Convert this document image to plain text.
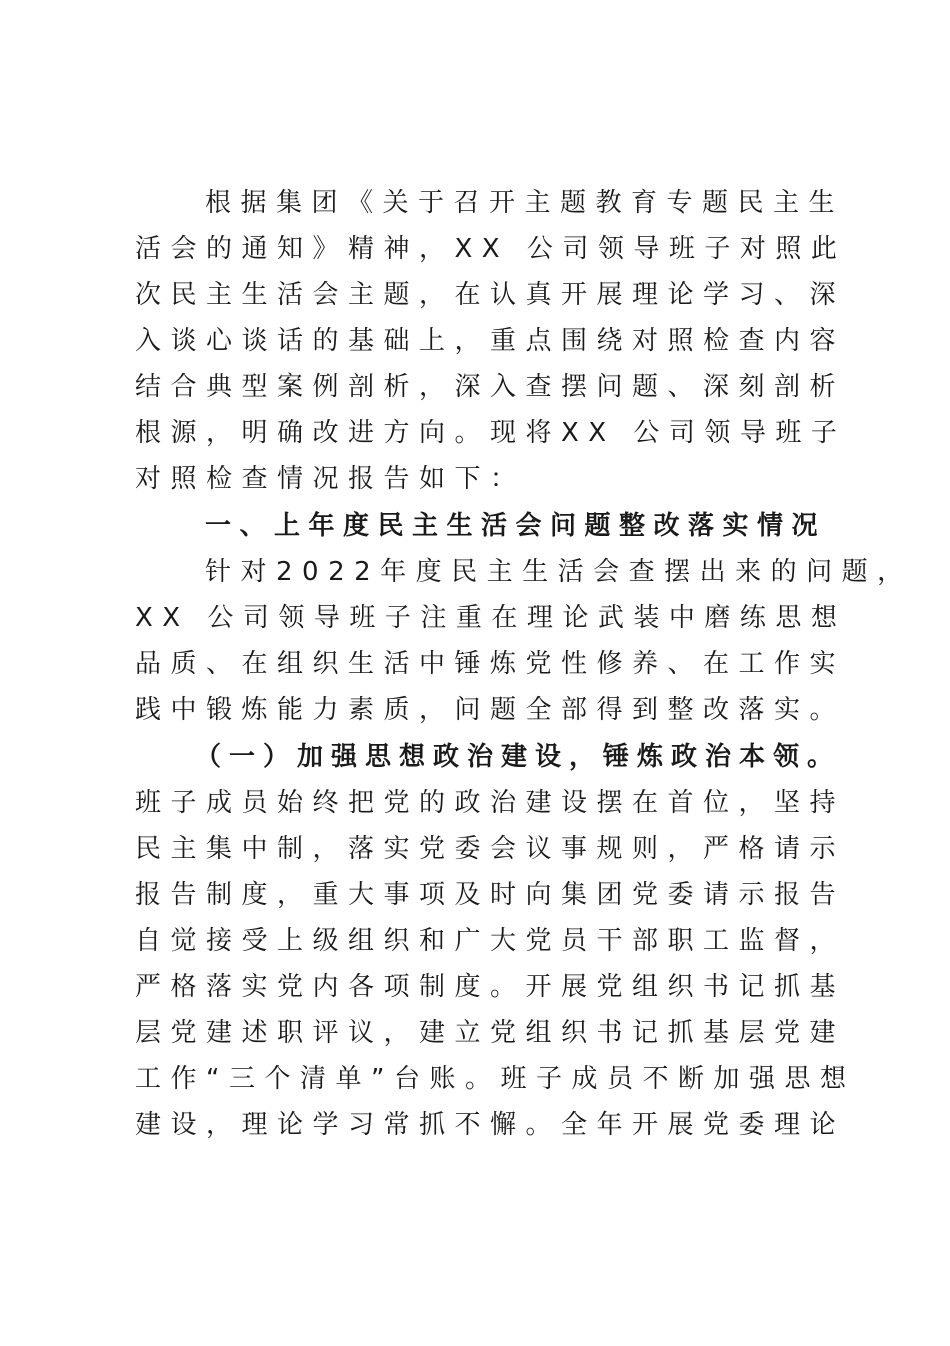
根据集团《关于召开主题教育专题民主生
活会的通知》精神，XX 公司领导班子对照此
次民主生活会主题，在认真开展理论学习、深
入谈心谈话的基础上，重点围绕对照检查内容
结合典型案例剖析，深入查摆问题、深刻剖析
根源，明确改进方向。现将XX 公司领导班子
对照检查情况报告如下：
一、上年度民主生活会问题整改落实情况
针对2022年度民主生活会查摆出来的问题，
XX 公司领导班子注重在理论武装中磨练思想
品质、在组织生活中锤炼党性修养、在工作实
践中锻炼能力素质，问题全部得到整改落实。
（一）加强思想政治建设，锤炼政治本领。
班子成员始终把党的政治建设摆在首位，坚持
民主集中制，落实党委会议事规则，严格请示
报告制度，重大事项及时向集团党委请示报告
自觉接受上级组织和广大党员干部职工监督，
严格落实党内各项制度。开展党组织书记抓基
层党建述职评议，建立党组织书记抓基层党建
工作“三个清单”台账。班子成员不断加强思想
建设，理论学习常抓不懈。全年开展党委理论
